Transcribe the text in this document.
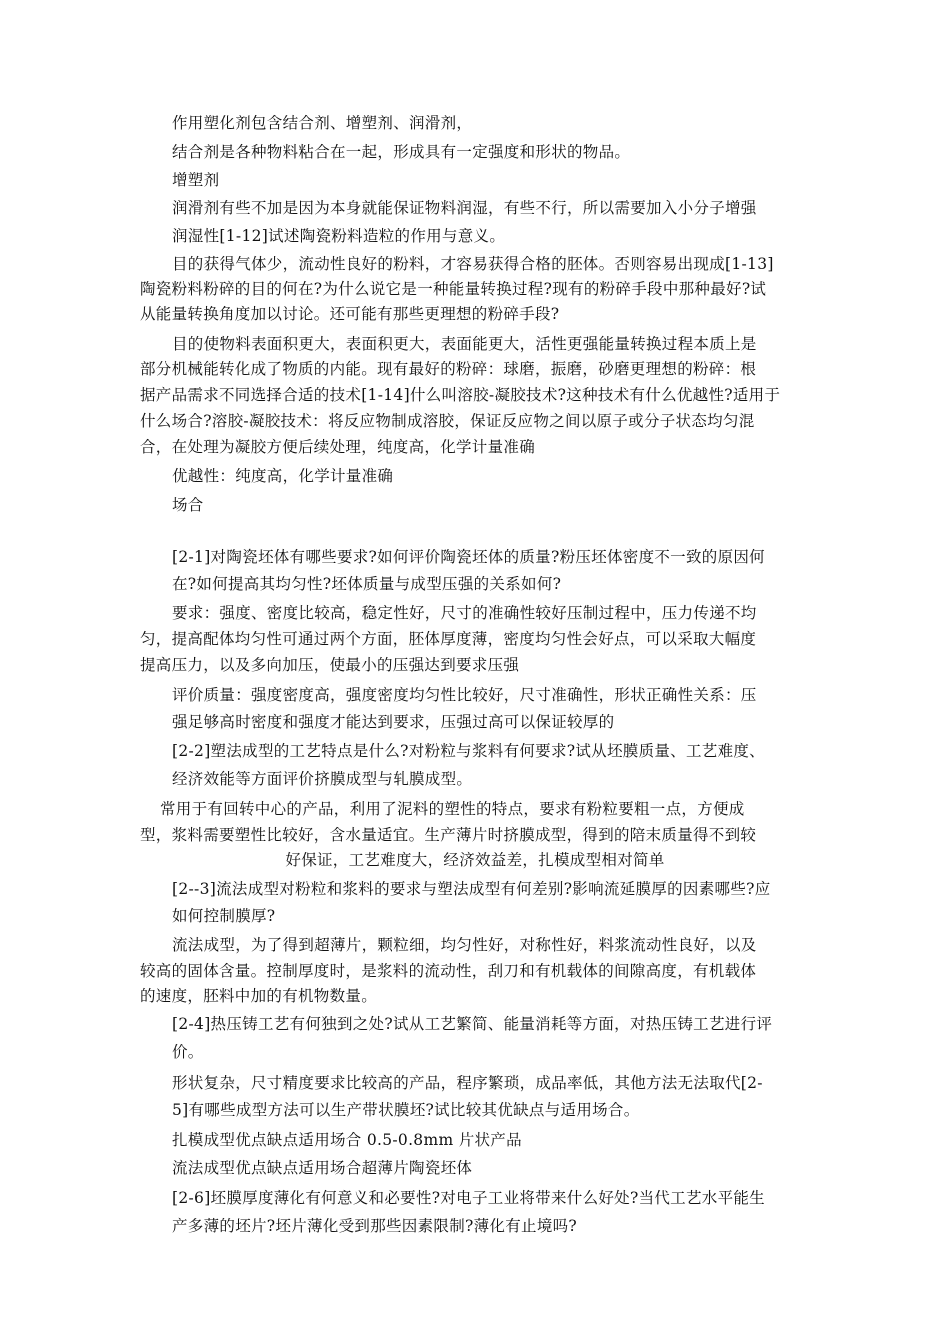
作用塑化剂包含结合剂、增塑剂、润滑剂，
结合剂是各种物料粘合在一起，形成具有一定强度和形状的物品。
增塑剂
润滑剂有些不加是因为本身就能保证物料润湿，有些不行，所以需要加入小分子增强
润湿性[1-12]试述陶瓷粉料造粒的作用与意义。
目的获得气体少，流动性良好的粉料，才容易获得合格的胚体。否则容易出现成[1-13]
陶瓷粉料粉碎的目的何在?为什么说它是一种能量转换过程?现有的粉碎手段中那种最好?试
从能量转换角度加以讨论。还可能有那些更理想的粉碎手段?
目的使物料表面积更大，表面积更大，表面能更大，活性更强能量转换过程本质上是
部分机械能转化成了物质的内能。现有最好的粉碎：球磨，振磨，砂磨更理想的粉碎：根
据产品需求不同选择合适的技术[1-14]什么叫溶胶-凝胶技术?这种技术有什么优越性?适用于
什么场合?溶胶-凝胶技术：将反应物制成溶胶，保证反应物之间以原子或分子状态均匀混
合，在处理为凝胶方便后续处理，纯度高，化学计量准确
优越性：纯度高，化学计量准确
场合
[2-1]对陶瓷坯体有哪些要求?如何评价陶瓷坯体的质量?粉压坯体密度不一致的原因何
在?如何提高其均匀性?坯体质量与成型压强的关系如何?
要求：强度、密度比较高，稳定性好，尺寸的准确性较好压制过程中，压力传递不均
匀，提高配体均匀性可通过两个方面，胚体厚度薄，密度均匀性会好点，可以采取大幅度
提高压力，以及多向加压，使最小的压强达到要求压强
评价质量：强度密度高，强度密度均匀性比较好，尺寸准确性，形状正确性关系：压
强足够高时密度和强度才能达到要求，压强过高可以保证较厚的
[2-2]塑法成型的工艺特点是什么?对粉粒与浆料有何要求?试从坯膜质量、工艺难度、
经济效能等方面评价挤膜成型与轧膜成型。
常用于有回转中心的产品，利用了泥料的塑性的特点，要求有粉粒要粗一点，方便成
型，浆料需要塑性比较好，含水量适宜。生产薄片时挤膜成型，得到的陪末质量得不到较
好保证，工艺难度大，经济效益差，扎模成型相对简单
[2--3]流法成型对粉粒和浆料的要求与塑法成型有何差别?影响流延膜厚的因素哪些?应
如何控制膜厚?
流法成型，为了得到超薄片，颗粒细，均匀性好，对称性好，料浆流动性良好，以及
较高的固体含量。控制厚度时，是浆料的流动性，刮刀和有机载体的间隙高度，有机载体
的速度，胚料中加的有机物数量。
[2-4]热压铸工艺有何独到之处?试从工艺繁简、能量消耗等方面，对热压铸工艺进行评
价。
形状复杂，尺寸精度要求比较高的产品，程序繁琐，成品率低，其他方法无法取代[2-
5]有哪些成型方法可以生产带状膜坯?试比较其优缺点与适用场合。
扎模成型优点缺点适用场合 0.5-0.8mm 片状产品
流法成型优点缺点适用场合超薄片陶瓷坯体
[2-6]坯膜厚度薄化有何意义和必要性?对电子工业将带来什么好处?当代工艺水平能生
产多薄的坯片?坯片薄化受到那些因素限制?薄化有止境吗?
